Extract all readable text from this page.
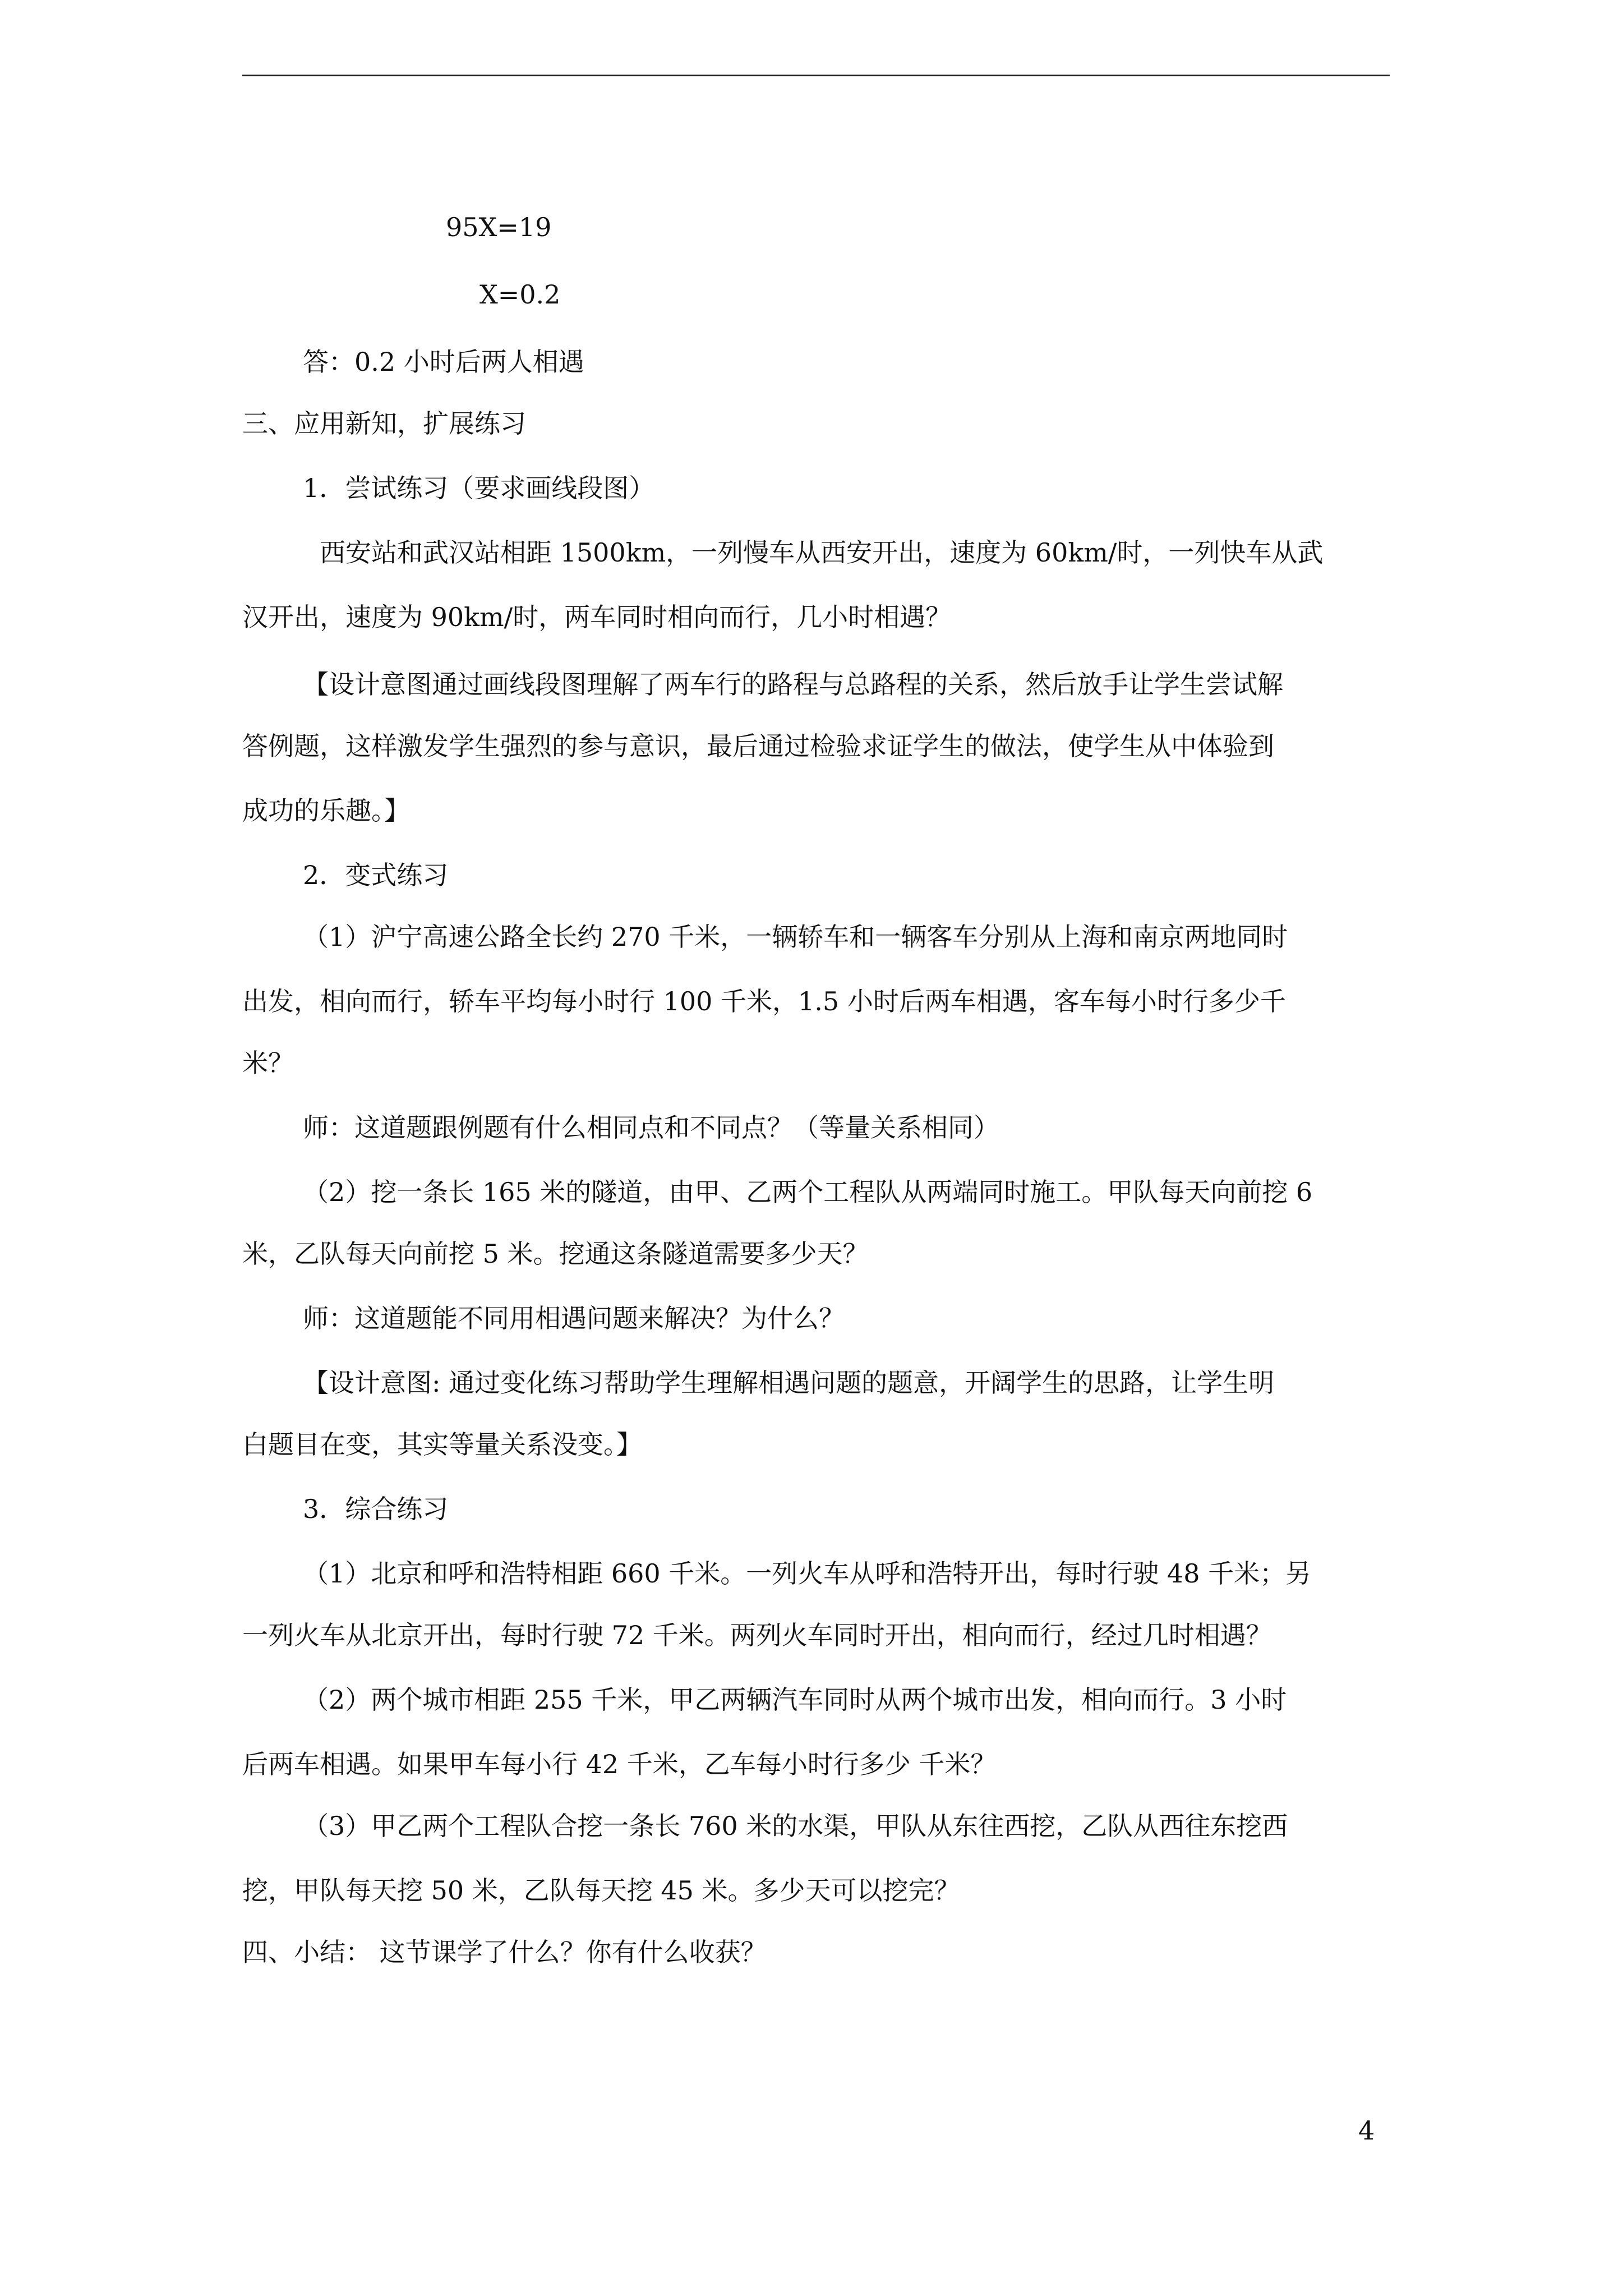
95X=19
X=0.2
答：0.2 小时后两人相遇
三、应用新知，扩展练习
1．尝试练习（要求画线段图）
西安站和武汉站相距 1500km，一列慢车从西安开出，速度为 60km/时，一列快车从武
汉开出，速度为 90km/时，两车同时相向而行，几小时相遇？
【设计意图通过画线段图理解了两车行的路程与总路程的关系，然后放手让学生尝试解
答例题，这样激发学生强烈的参与意识，最后通过检验求证学生的做法，使学生从中体验到
成功的乐趣。】
2．变式练习
（1）沪宁高速公路全长约 270 千米，一辆轿车和一辆客车分别从上海和南京两地同时
出发，相向而行，轿车平均每小时行 100 千米，1.5 小时后两车相遇，客车每小时行多少千
米？
师：这道题跟例题有什么相同点和不同点？（等量关系相同）
（2）挖一条长 165 米的隧道，由甲、乙两个工程队从两端同时施工。甲队每天向前挖 6
米，乙队每天向前挖 5 米。挖通这条隧道需要多少天？
师：这道题能不同用相遇问题来解决？为什么？
【设计意图: 通过变化练习帮助学生理解相遇问题的题意，开阔学生的思路，让学生明
白题目在变，其实等量关系没变。】
3．综合练习
（1）北京和呼和浩特相距 660 千米。一列火车从呼和浩特开出，每时行驶 48 千米；另
一列火车从北京开出，每时行驶 72 千米。两列火车同时开出，相向而行，经过几时相遇？
（2）两个城市相距 255 千米，甲乙两辆汽车同时从两个城市出发，相向而行。3 小时
后两车相遇。如果甲车每小行 42 千米，乙车每小时行多少 千米？
（3）甲乙两个工程队合挖一条长 760 米的水渠，甲队从东往西挖，乙队从西往东挖西
挖，甲队每天挖 50 米，乙队每天挖 45 米。多少天可以挖完？
四、小结： 这节课学了什么？你有什么收获？
4
